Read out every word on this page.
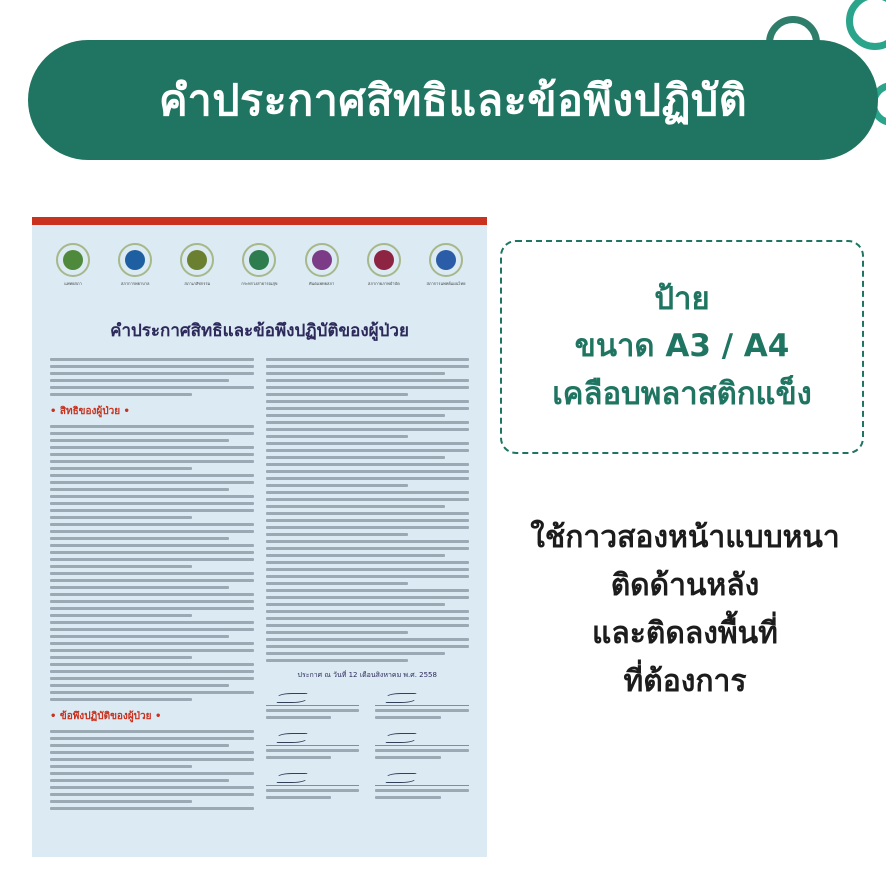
คำประกาศสิทธิและข้อพึงปฏิบัติ
แพทยสภา	สภาการพยาบาล	สภาเภสัชกรรม	กระทรวงสาธารณสุข	ทันตแพทยสภา	สภากายภาพบำบัด	สภาการแพทย์แผนไทย
คำประกาศสิทธิและข้อพึงปฏิบัติของผู้ป่วย
• สิทธิของผู้ป่วย •
• ข้อพึงปฏิบัติของผู้ป่วย •
ประกาศ ณ วันที่ 12 เดือนสิงหาคม พ.ศ. 2558
ป้าย
ขนาด A3 / A4
เคลือบพลาสติกแข็ง
ใช้กาวสองหน้าแบบหนา
ติดด้านหลัง
และติดลงพื้นที่
ที่ต้องการ
